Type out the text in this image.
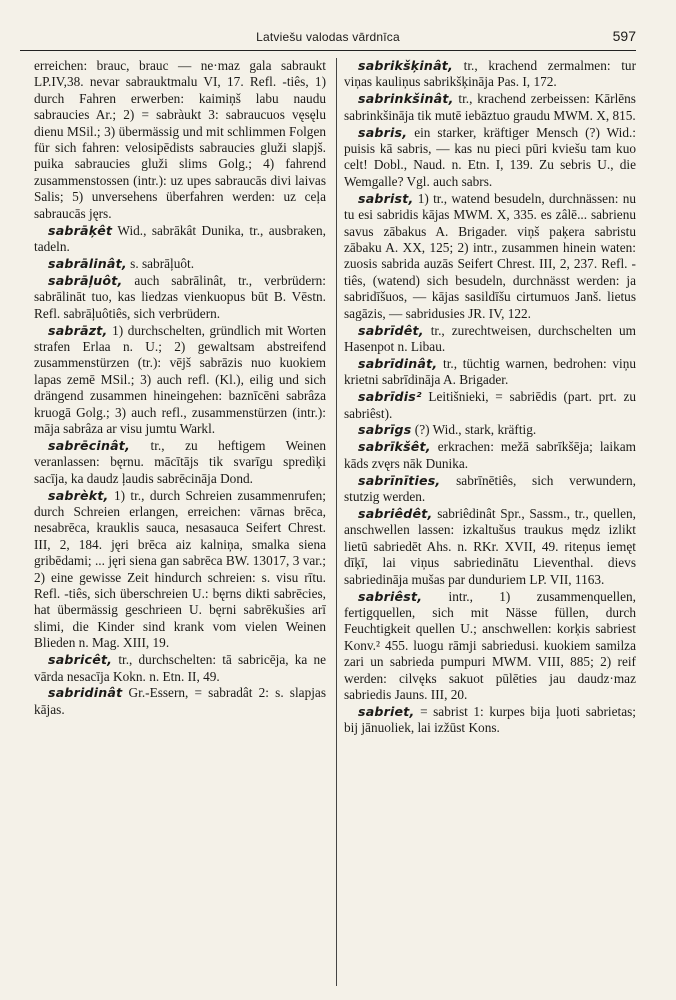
Latviešu valodas vārdnīca	597

erreichen: brauc, brauc — ne·maz gala sabraukt LP.IV,38. nevar sabrauktmalu VI, 17. Refl. -tiês, 1) durch Fahren erwerben: kaimiņš labu naudu sabraucies Ar.; 2) = sabràukt 3: sabraucuos vęsęlu dienu MSil.; 3) übermässig und mit schlimmen Folgen für sich fahren: velosipēdists sabraucies gluži slapjš. puika sabraucies gluži slims Golg.; 4) fahrend zusammenstossen (intr.): uz upes sabraucās divi laivas Salis; 5) unversehens überfahren werden: uz ceļa sabraucās jęrs.

sabrāķêt Wid., sabrākât Dunika, tr., ausbraken, tadeln.

sabrālinât, s. sabrāļuôt.

sabrāļuôt, auch sabrālinât, tr., verbrüdern: sabrālināt tuo, kas liedzas vienkuopus būt B. Vēstn. Refl. sabrāļuôtiês, sich verbrüdern.

sabrāzt, 1) durchschelten, gründlich mit Worten strafen Erlaa n. U.; 2) gewaltsam abstreifend zusammenstürzen (tr.): vējš sabrāzis nuo kuokiem lapas zemē MSil.; 3) auch refl. (Kl.), eilig und sich drängend zusammen hineingehen: baznīcēni sabrâza kruogā Golg.; 3) auch refl., zusammenstürzen (intr.): māja sabrâza ar visu jumtu Warkl.

sabrēcinât, tr., zu heftigem Weinen veranlassen: bęrnu. mācītājs tik svarīgu spredìķi sacīja, ka daudz ļaudis sabrēcināja Dond.

sabrèkt, 1) tr., durch Schreien zusammenrufen; durch Schreien erlangen, erreichen: vārnas brēca, nesabrēca, krauklis sauca, nesasauca Seifert Chrest. III, 2, 184. jęri brēca aiz kalniņa, smalka siena gribēdami; ... jęri siena gan sabrēca BW. 13017, 3 var.; 2) eine gewisse Zeit hindurch schreien: s. visu rītu. Refl. -tiês, sich überschreien U.: bęrns dikti sabrēcies, hat übermässig geschrieen U. bęrni sabrēkušies arī slimi, die Kinder sind krank vom vielen Weinen Blieden n. Mag. XIII, 19.

sabricêt, tr., durchschelten: tā sabricēja, ka ne vārda nesacīja Kokn. n. Etn. II, 49.

sabridinât Gr.-Essern, = sabradât 2: s. slapjas kājas.

sabrikšķinât, tr., krachend zermalmen: tur viņas kauliņus sabrikšķināja Pas. I, 172.

sabrinkšinât, tr., krachend zerbeissen: Kārlēns sabrinkšināja tik mutē iebāztuo graudu MWM. X, 815.

sabris, ein starker, kräftiger Mensch (?) Wid.: puisis kā sabris, — kas nu pieci pūri kviešu tam kuo celt! Dobl., Naud. n. Etn. I, 139. Zu sebris U., die Wemgalle? Vgl. auch sabrs.

sabrist, 1) tr., watend besudeln, durchnässen: nu tu esi sabridis kājas MWM. X, 335. es zâlē... sabrienu savus zābakus A. Brigader. viņš paķera sabristu zābaku A. XX, 125; 2) intr., zusammen hinein waten: zuosis sabrida auzās Seifert Chrest. III, 2, 237. Refl. -tiês, (watend) sich besudeln, durchnässt werden: ja sabridīšuos, — kājas sasildīšu cirtumuos Janš. lietus sagāzis, — sabridusies JR. IV, 122.

sabrīdêt, tr., zurechtweisen, durchschelten um Hasenpot n. Libau.

sabrīdinât, tr., tüchtig warnen, bedrohen: viņu krietni sabrīdināja A. Brigader.

sabrīdis² Leitišnieki, = sabriēdis (part. prt. zu sabriêst).

sabrīgs (?) Wid., stark, kräftig.

sabrīkšêt, erkrachen: mežā sabrīkšēja; laikam kāds zvęrs nāk Dunika.

sabrīnīties, sabrīnētiês, sich verwundern, stutzig werden.

sabriêdêt, sabriêdinât Spr., Sassm., tr., quellen, anschwellen lassen: izkaltušus traukus mędz izlikt lietū sabriedēt Ahs. n. RKr. XVII, 49. riteņus iemęt dīķī, lai viņus sabriedinātu Lieventhal. dievs sabriedināja mušas par dunduriem LP. VII, 1163.

sabriêst, intr., 1) zusammenquellen, fertigquellen, sich mit Nässe füllen, durch Feuchtigkeit quellen U.; anschwellen: korķis sabriest Konv.² 455. luogu rāmji sabriedusi. kuokiem samilza zari un sabrieda pumpuri MWM. VIII, 885; 2) reif werden: cilvęks sakuot pūlēties jau daudz·maz sabriedis Jauns. III, 20.

sabriet, = sabrist 1: kurpes bija ļuoti sabrietas; bij jānuoliek, lai izžūst Kons.
